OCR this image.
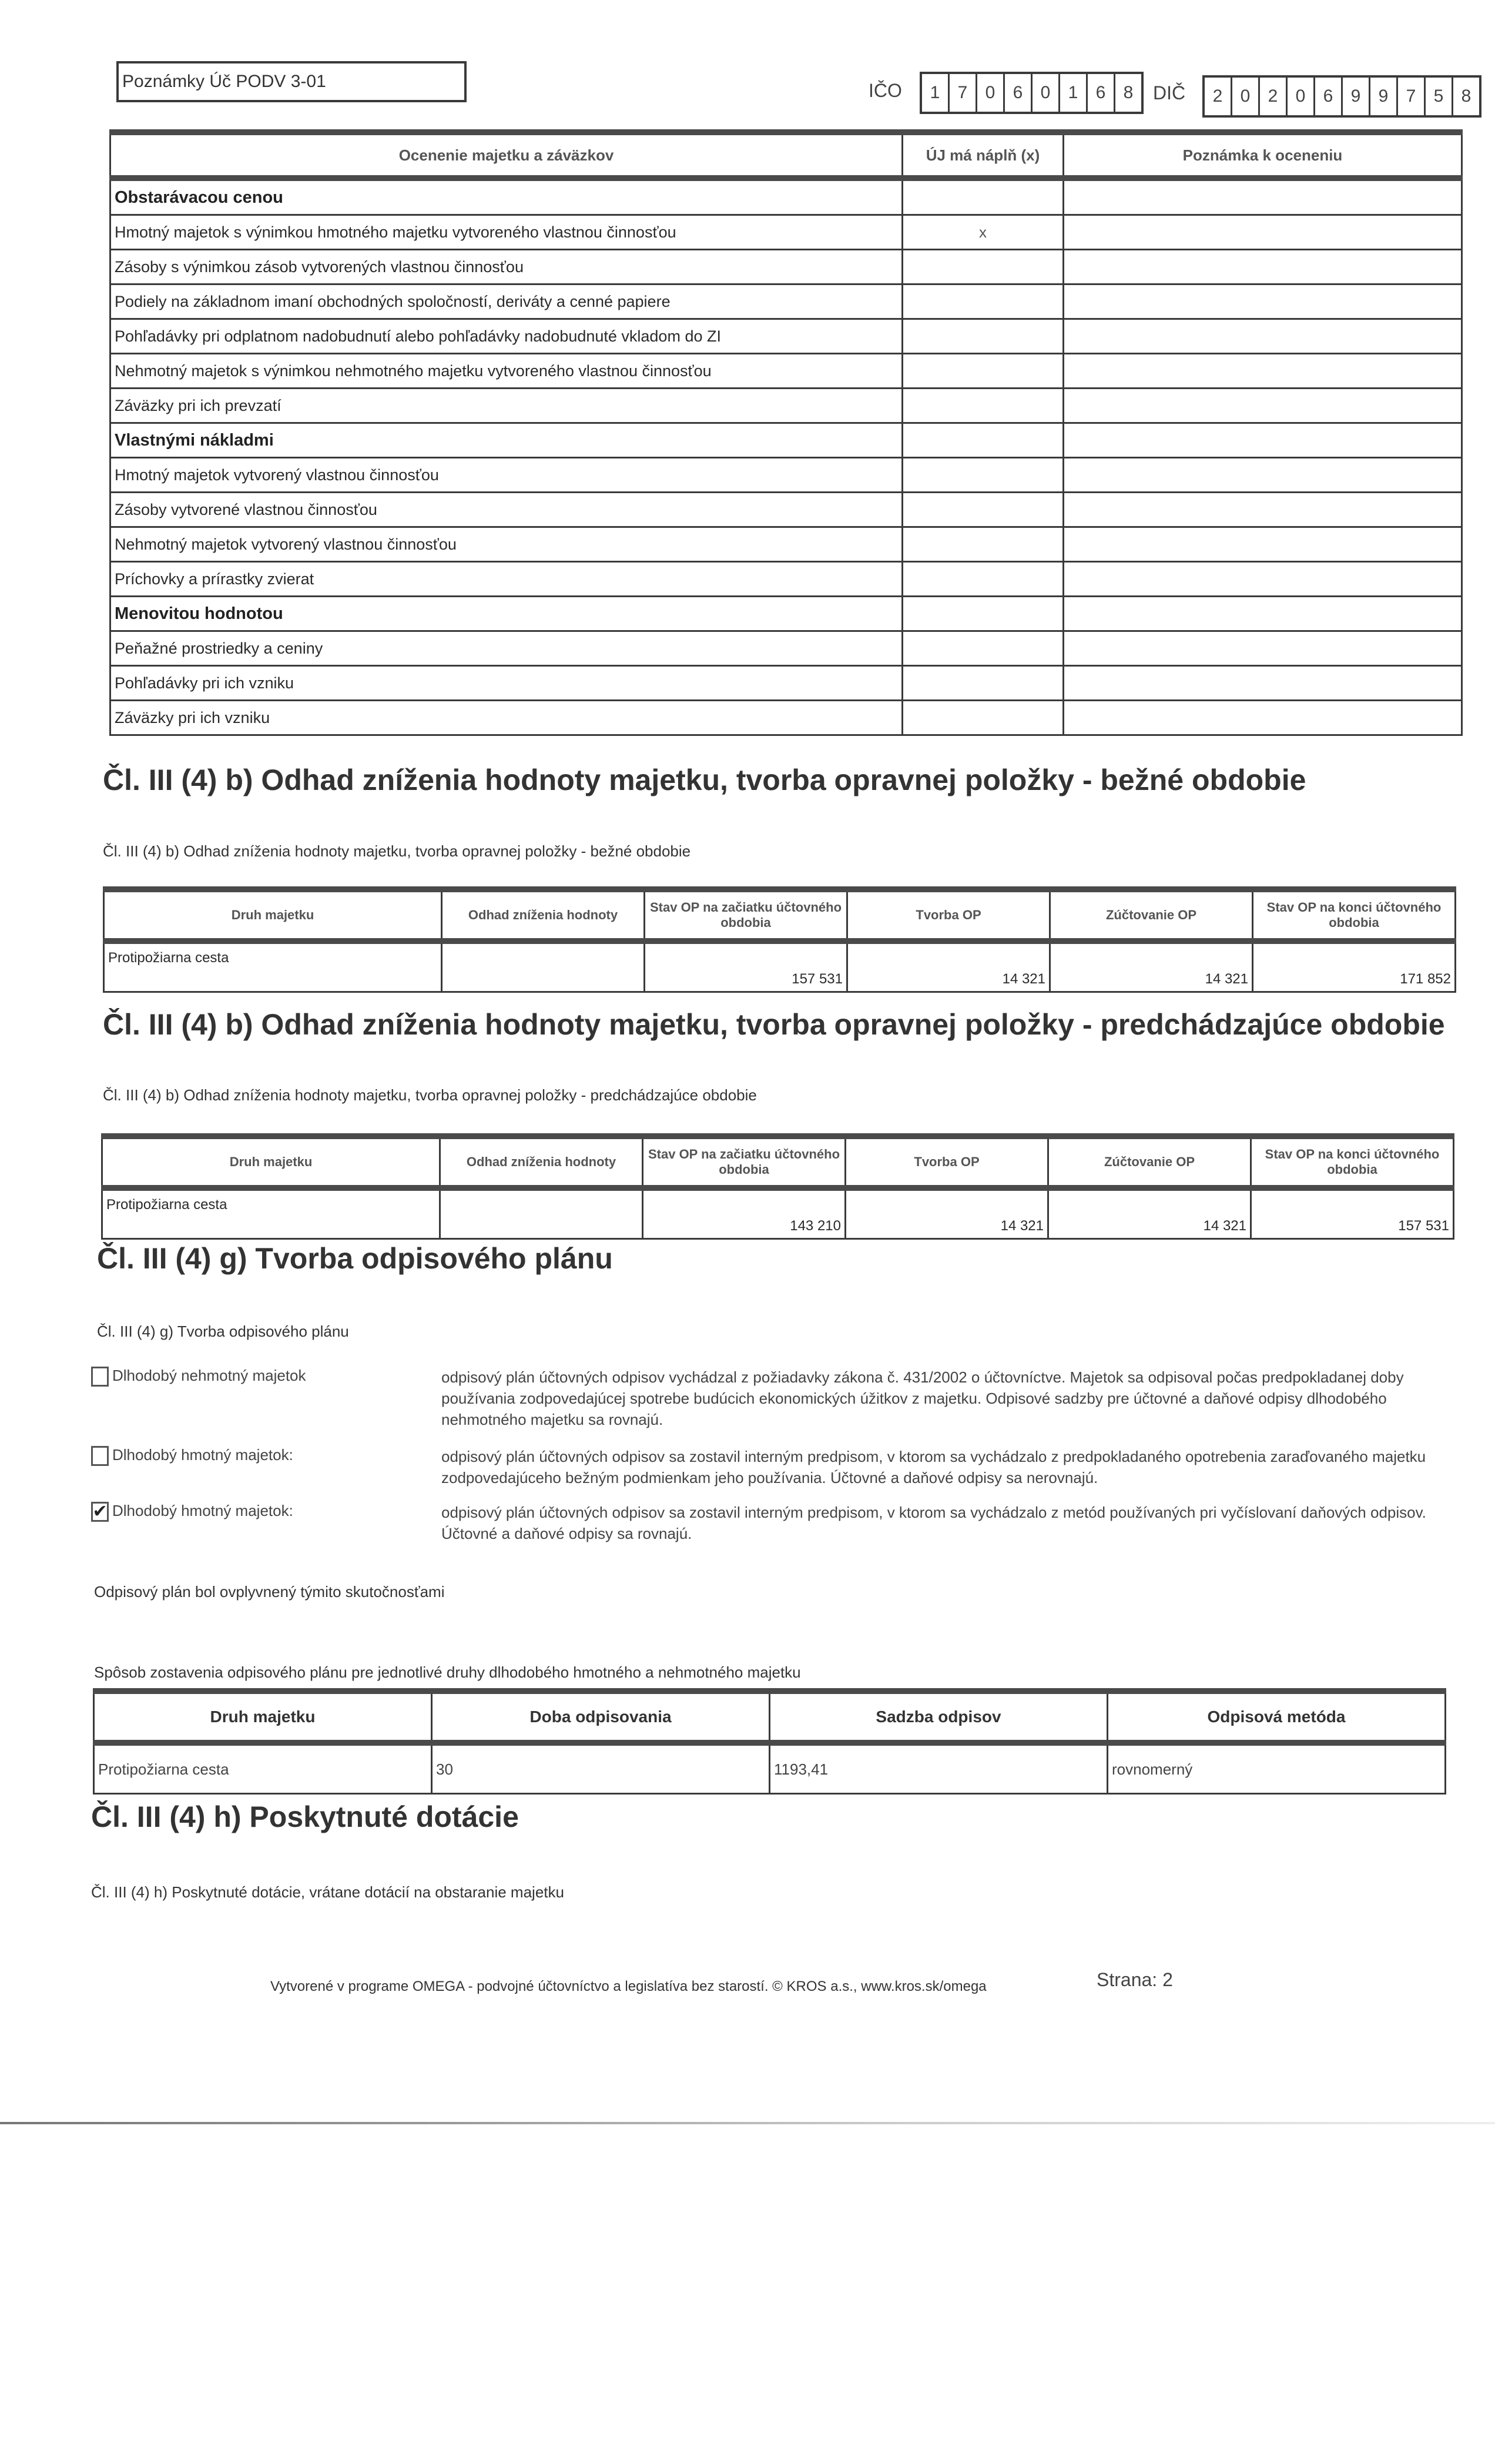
Poznámky Úč PODV 3-01	IČO	1	7	0	6	0	1	6	8	DIČ	2	0	2	0	6	9	9	7	5	8
Ocenenie majetku a záväzkov	ÚJ má náplň (x)	Poznámka k oceneniu
Obstarávacou cenou		
Hmotný majetok s výnimkou hmotného majetku vytvoreného vlastnou činnosťou	x	
Zásoby s výnimkou zásob vytvorených vlastnou činnosťou		
Podiely na základnom imaní obchodných spoločností, deriváty a cenné papiere		
Pohľadávky pri odplatnom nadobudnutí alebo pohľadávky nadobudnuté vkladom do ZI		
Nehmotný majetok s výnimkou nehmotného majetku vytvoreného vlastnou činnosťou		
Záväzky pri ich prevzatí		
Vlastnými nákladmi		
Hmotný majetok vytvorený vlastnou činnosťou		
Zásoby vytvorené vlastnou činnosťou		
Nehmotný majetok vytvorený vlastnou činnosťou		
Príchovky a prírastky zvierat		
Menovitou hodnotou		
Peňažné prostriedky a ceniny		
Pohľadávky pri ich vzniku		
Záväzky pri ich vzniku		
Čl. III (4) b) Odhad zníženia hodnoty majetku, tvorba opravnej položky - bežné obdobie
Čl. III (4) b) Odhad zníženia hodnoty majetku, tvorba opravnej položky - bežné obdobie
Druh majetku	Odhad zníženia hodnoty	Stav OP na začiatku účtovného obdobia	Tvorba OP	Zúčtovanie OP	Stav OP na konci účtovného obdobia
Protipožiarna cesta		157 531	14 321	14 321	171 852
Čl. III (4) b) Odhad zníženia hodnoty majetku, tvorba opravnej položky - predchádzajúce obdobie
Čl. III (4) b) Odhad zníženia hodnoty majetku, tvorba opravnej položky - predchádzajúce obdobie
Druh majetku	Odhad zníženia hodnoty	Stav OP na začiatku účtovného obdobia	Tvorba OP	Zúčtovanie OP	Stav OP na konci účtovného obdobia
Protipožiarna cesta		143 210	14 321	14 321	157 531
Čl. III (4) g) Tvorba odpisového plánu
Čl. III (4) g) Tvorba odpisového plánu
Dlhodobý nehmotný majetok	odpisový plán účtovných odpisov vychádzal z požiadavky zákona č. 431/2002 o účtovníctve. Majetok sa odpisoval počas predpokladanej doby používania zodpovedajúcej spotrebe budúcich ekonomických úžitkov z majetku. Odpisové sadzby pre účtovné a daňové odpisy dlhodobého nehmotného majetku sa rovnajú.
Dlhodobý hmotný majetok:	odpisový plán účtovných odpisov sa zostavil interným predpisom, v ktorom sa vychádzalo z predpokladaného opotrebenia zaraďovaného majetku zodpovedajúceho bežným podmienkam jeho používania. Účtovné a daňové odpisy sa nerovnajú.
✔ Dlhodobý hmotný majetok:	odpisový plán účtovných odpisov sa zostavil interným predpisom, v ktorom sa vychádzalo z metód používaných pri vyčíslovaní daňových odpisov. Účtovné a daňové odpisy sa rovnajú.
Odpisový plán bol ovplyvnený týmito skutočnosťami
Spôsob zostavenia odpisového plánu pre jednotlivé druhy dlhodobého hmotného a nehmotného majetku
Druh majetku	Doba odpisovania	Sadzba odpisov	Odpisová metóda
Protipožiarna cesta	30	1193,41	rovnomerný
Čl. III (4) h) Poskytnuté dotácie
Čl. III (4) h) Poskytnuté dotácie, vrátane dotácií na obstaranie majetku
Vytvorené v programe OMEGA - podvojné účtovníctvo a legislatíva bez starostí. © KROS a.s., www.kros.sk/omega	Strana: 2
